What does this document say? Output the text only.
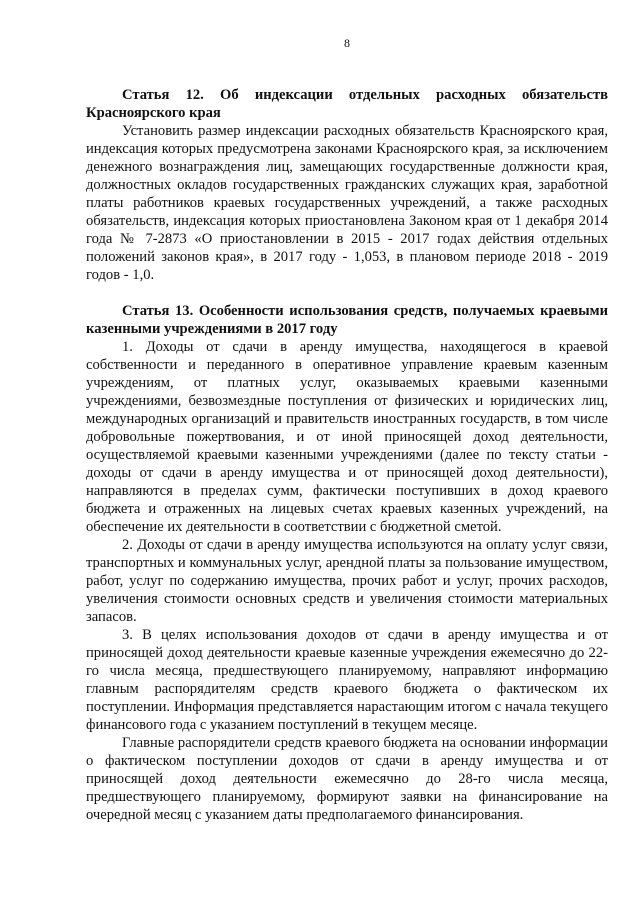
8

Статья 12. Об индексации отдельных расходных обязательств Красноярского края

Установить размер индексации расходных обязательств Красноярского края, индексация которых предусмотрена законами Красноярского края, за исключением денежного вознаграждения лиц, замещающих государственные должности края, должностных окладов государственных гражданских служащих края, заработной платы работников краевых государственных учреждений, а также расходных обязательств, индексация которых приостановлена Законом края от 1 декабря 2014 года № 7-2873 «О приостановлении в 2015 - 2017 годах действия отдельных положений законов края», в 2017 году - 1,053, в плановом периоде 2018 - 2019 годов - 1,0.

Статья 13. Особенности использования средств, получаемых краевыми казенными учреждениями в 2017 году

1. Доходы от сдачи в аренду имущества, находящегося в краевой собственности и переданного в оперативное управление краевым казенным учреждениям, от платных услуг, оказываемых краевыми казенными учреждениями, безвозмездные поступления от физических и юридических лиц, международных организаций и правительств иностранных государств, в том числе добровольные пожертвования, и от иной приносящей доход деятельности, осуществляемой краевыми казенными учреждениями (далее по тексту статьи - доходы от сдачи в аренду имущества и от приносящей доход деятельности), направляются в пределах сумм, фактически поступивших в доход краевого бюджета и отраженных на лицевых счетах краевых казенных учреждений, на обеспечение их деятельности в соответствии с бюджетной сметой.

2. Доходы от сдачи в аренду имущества используются на оплату услуг связи, транспортных и коммунальных услуг, арендной платы за пользование имуществом, работ, услуг по содержанию имущества, прочих работ и услуг, прочих расходов, увеличения стоимости основных средств и увеличения стоимости материальных запасов.

3. В целях использования доходов от сдачи в аренду имущества и от приносящей доход деятельности краевые казенные учреждения ежемесячно до 22-го числа месяца, предшествующего планируемому, направляют информацию главным распорядителям средств краевого бюджета о фактическом их поступлении. Информация представляется нарастающим итогом с начала текущего финансового года с указанием поступлений в текущем месяце.

Главные распорядители средств краевого бюджета на основании информации о фактическом поступлении доходов от сдачи в аренду имущества и от приносящей доход деятельности ежемесячно до 28-го числа месяца, предшествующего планируемому, формируют заявки на финансирование на очередной месяц с указанием даты предполагаемого финансирования.
